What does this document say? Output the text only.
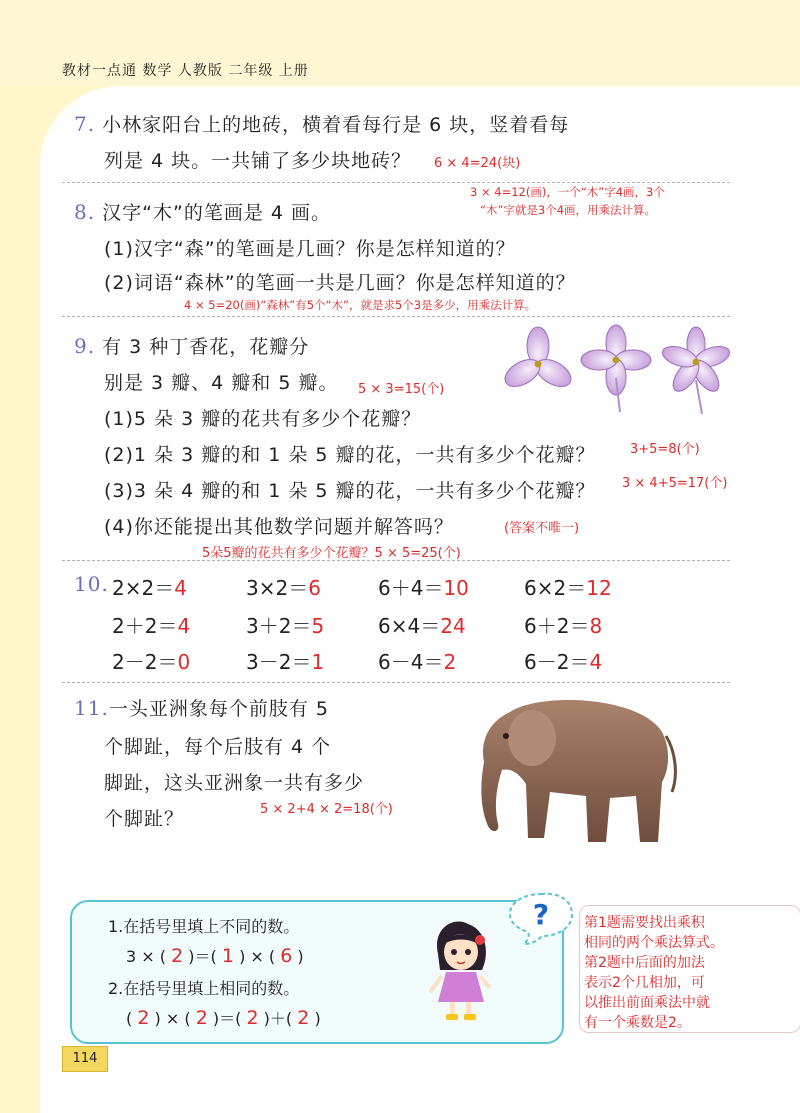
教材一点通 数学 人教版 二年级 上册
7. 小林家阳台上的地砖，横着看每行是 6 块，竖着看每
列是 4 块。一共铺了多少块地砖？ 6 × 4=24(块)
8. 汉字“木”的笔画是 4 画。
3 × 4=12(画)，一个“木”字4画，3个
“木”字就是3个4画，用乘法计算。
(1)汉字“森”的笔画是几画？你是怎样知道的？
(2)词语“森林”的笔画一共是几画？你是怎样知道的？
4 × 5=20(画)“森林”有5个“木”，就是求5个3是多少，用乘法计算。
9. 有 3 种丁香花，花瓣分
别是 3 瓣、4 瓣和 5 瓣。 5 × 3=15(个)
(1)5 朵 3 瓣的花共有多少个花瓣？
(2)1 朵 3 瓣的和 1 朵 5 瓣的花，一共有多少个花瓣？	3+5=8(个)
(3)3 朵 4 瓣的和 1 朵 5 瓣的花，一共有多少个花瓣？ 3 × 4+5=17(个)
(4)你还能提出其他数学问题并解答吗？	(答案不唯一)
5朵5瓣的花共有多少个花瓣？5 × 5=25(个)
10. 2×2＝4	3×2＝6	6＋4＝10	6×2＝12
2＋2＝4	3＋2＝5	6×4＝24	6＋2＝8
2－2＝0	3－2＝1	6－4＝2	6－2＝4
11.一头亚洲象每个前肢有 5
个脚趾，每个后肢有 4 个
脚趾，这头亚洲象一共有多少
5 × 2+4 × 2=18(个)
个脚趾？
1.在括号里填上不同的数。
3 × ( 2 )＝( 1 ) × ( 6 )
2.在括号里填上相同的数。
( 2 ) × ( 2 )＝( 2 )＋( 2 )
? 第1题需要找出乘积
相同的两个乘法算式。
第2题中后面的加法
表示2个几相加，可
以推出前面乘法中就
有一个乘数是2。
114
